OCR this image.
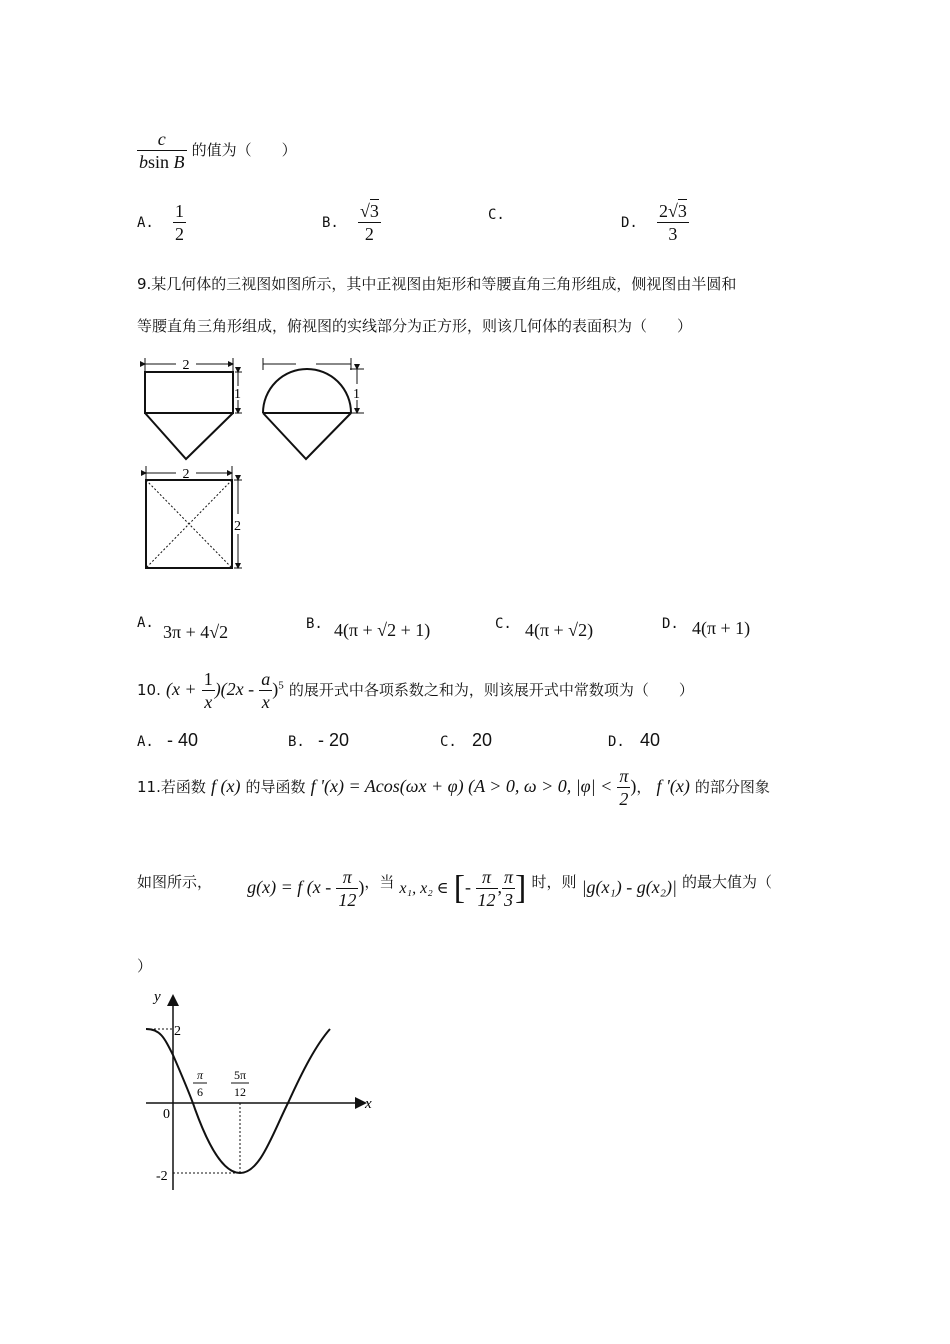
$\frac{c}{\text{bsin B}}$ 的值为（　　）
A. $\frac{1}{2}$	B. $\frac{√3}{2}$	C.	D. $\frac{2√3}{3}$
9.某几何体的三视图如图所示，其中正视图由矩形和等腰直角三角形组成，侧视图由半圆和
等腰直角三角形组成，俯视图的实线部分为正方形，则该几何体的表面积为（　　）
2
1	1
2
2
A. 3π + 4√2	B. 4(π + √2 + 1)	C. 4(π + √2)	D. 4(π + 1)
10. $(x + \frac{1}{x} )(2x - \frac{a}{x} )^5$ 的展开式中各项系数之和为，则该展开式中常数项为（　　）
A. - 40	B. - 20	C. 20	D. 40
11.若函数 f (x) 的导函数 f '(x) = Acos(ωx + φ) (A > 0, ω > 0, $|\varphi| < \frac{\pi}{2}$ )， f '(x) 的部分图象
如图所示， g(x) = f ($x - \frac{\pi}{12}$ )，当 x₁, x₂ ∈ [- $\frac{\pi}{12}$ , $\frac{\pi}{3}$ ] 时，则 |g(x₁) - g(x₂)| 的最大值为（
）
y
x
0
2
-2
π
6
5π
12
